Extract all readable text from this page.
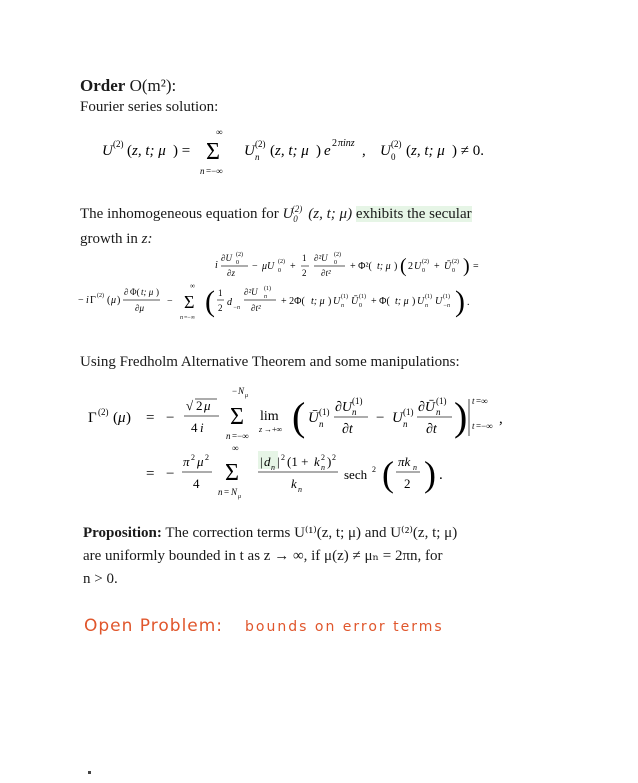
Order O(m²):
Fourier series solution:
U (2) ( z, t; μ ) =
∞
Σ
n =−∞
U (2)
n ( z, t; μ ) e 2 πinz , U (2)
0 ( z, t; μ ) ≠ 0.
The inhomogeneous equation for $U_0^{(2)}$ (z, t; μ) exhibits the secular
growth in z:
i
∂U (2)
0
∂z
− μU (2)
0 +
1
2
∂²U (2)
0
∂t²
+ Φ²( t; μ ) ( 2 U (2)
0 + Ū (2)
0 ) =
− i Γ (2) ( μ )
∂ Φ( t; μ )
∂μ
−
∞
Σ
n =−∞ ( 1
2 d −n
∂²U (1)
n
∂t²
+ 2Φ( t; μ ) U (1)
n Ū (1)
0 + Φ( t; μ ) U (1)
n U (1)
−n ) .
Using Fredholm Alternative Theorem and some manipulations:
Γ (2) ( μ ) = −
√ 2 μ
4 i
− N μ
Σ
n =−∞
lim
z →+∞ ( Ū (1)
n
∂U (1)
n
∂t
− U (1)
n
∂Ū (1)
n
∂t ) t =∞
t =−∞ ,
= −
π 2 μ 2
4
∞
Σ
n = N μ
| d n | 2 (1 + k 2
n ) 2
k n
sech 2 ( πk n
2 ) .
Proposition: The correction terms U⁽¹⁾(z, t; μ) and U⁽²⁾(z, t; μ)
are uniformly bounded in t as z → ∞, if μ(z) ≠ μₙ = 2πn, for
n > 0.
Open Problem: bounds on error terms
